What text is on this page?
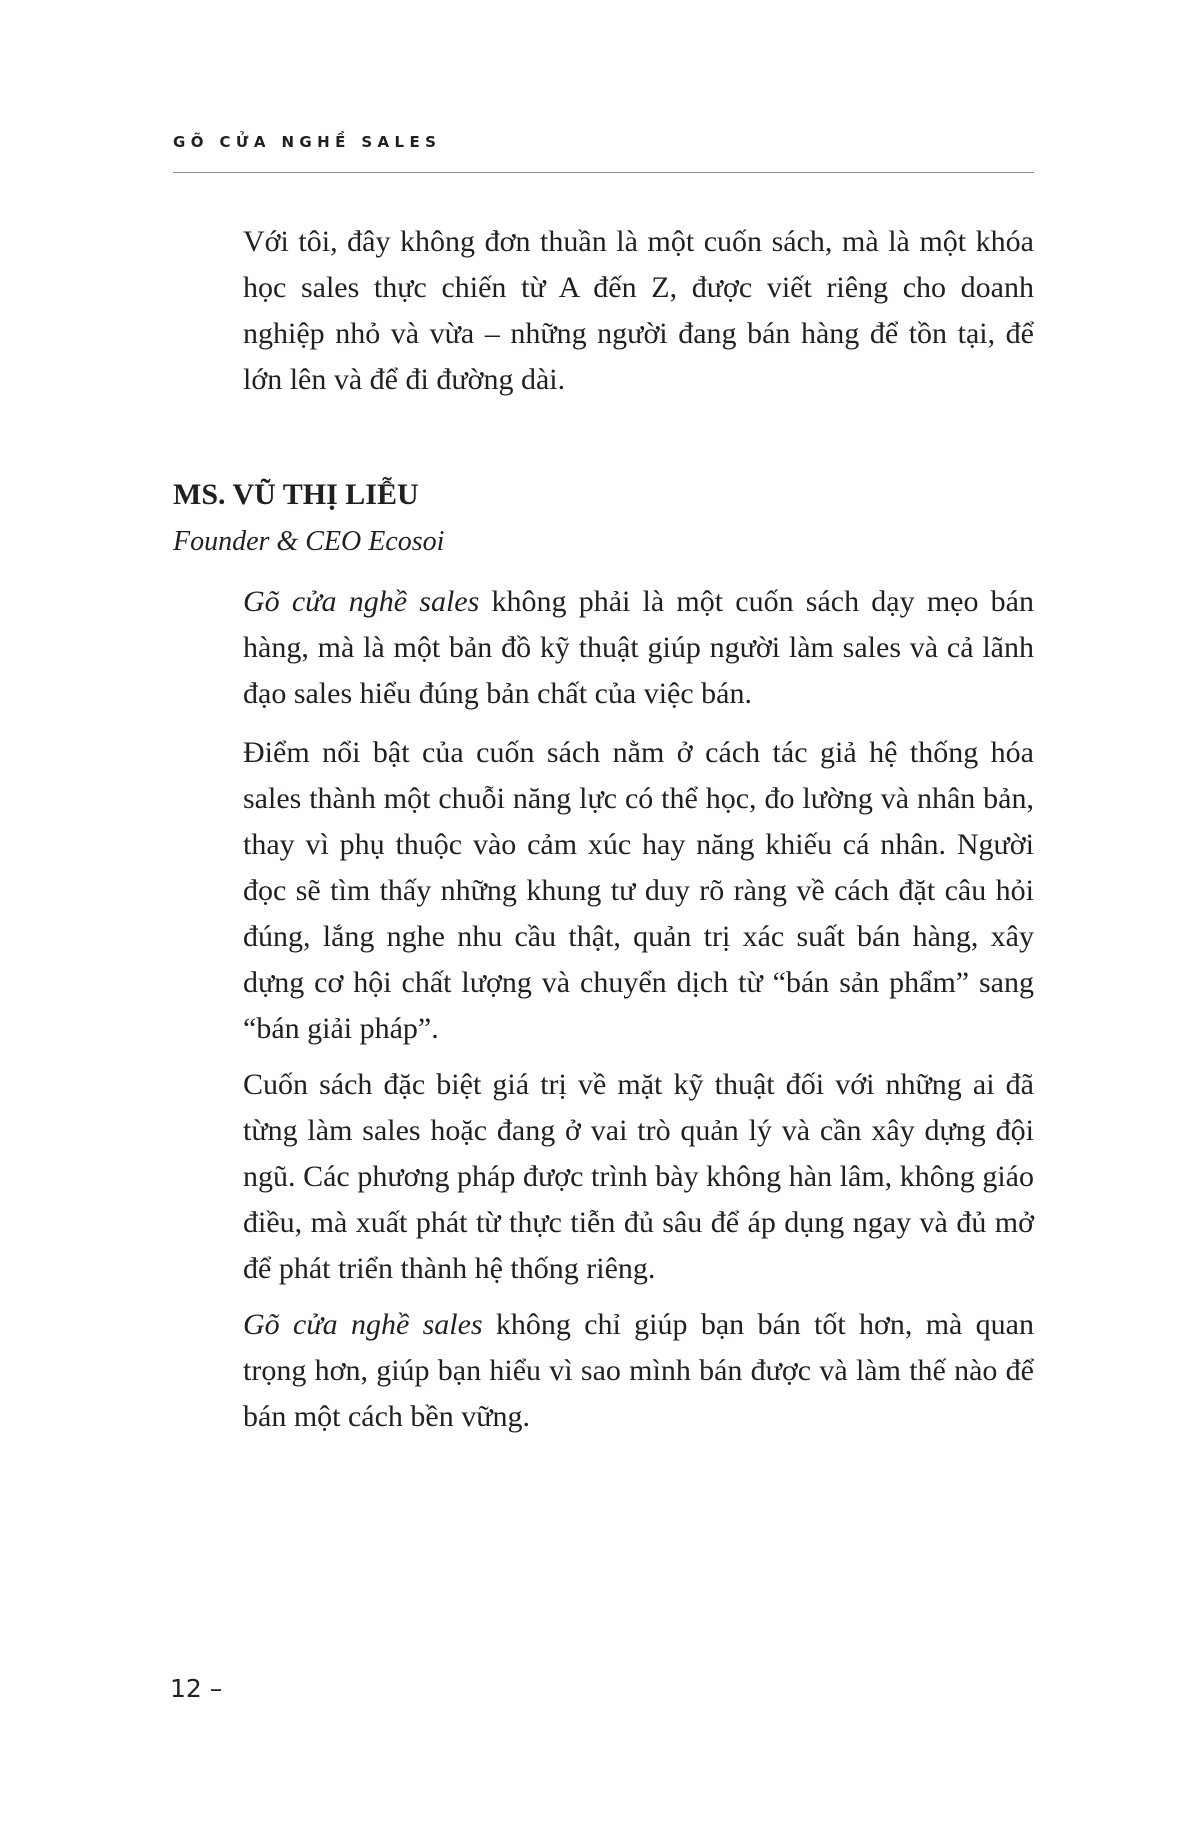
GÕ CỬA NGHỀ SALES

Với tôi, đây không đơn thuần là một cuốn sách, mà là một khóa học sales thực chiến từ A đến Z, được viết riêng cho doanh nghiệp nhỏ và vừa – những người đang bán hàng để tồn tại, để lớn lên và để đi đường dài.

MS. VŨ THỊ LIỄU
Founder & CEO Ecosoi

Gõ cửa nghề sales không phải là một cuốn sách dạy mẹo bán hàng, mà là một bản đồ kỹ thuật giúp người làm sales và cả lãnh đạo sales hiểu đúng bản chất của việc bán.

Điểm nổi bật của cuốn sách nằm ở cách tác giả hệ thống hóa sales thành một chuỗi năng lực có thể học, đo lường và nhân bản, thay vì phụ thuộc vào cảm xúc hay năng khiếu cá nhân. Người đọc sẽ tìm thấy những khung tư duy rõ ràng về cách đặt câu hỏi đúng, lắng nghe nhu cầu thật, quản trị xác suất bán hàng, xây dựng cơ hội chất lượng và chuyển dịch từ “bán sản phẩm” sang “bán giải pháp”.

Cuốn sách đặc biệt giá trị về mặt kỹ thuật đối với những ai đã từng làm sales hoặc đang ở vai trò quản lý và cần xây dựng đội ngũ. Các phương pháp được trình bày không hàn lâm, không giáo điều, mà xuất phát từ thực tiễn đủ sâu để áp dụng ngay và đủ mở để phát triển thành hệ thống riêng.

Gõ cửa nghề sales không chỉ giúp bạn bán tốt hơn, mà quan trọng hơn, giúp bạn hiểu vì sao mình bán được và làm thế nào để bán một cách bền vững.

12 –
